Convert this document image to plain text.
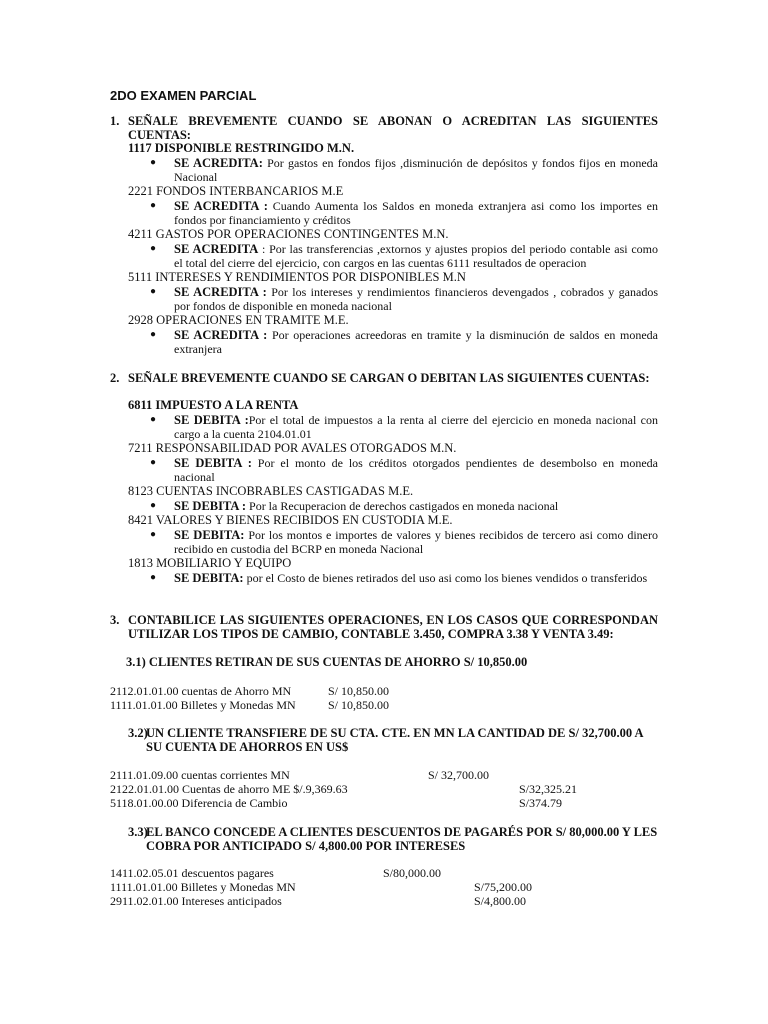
2DO EXAMEN PARCIAL
1. SEÑALE BREVEMENTE CUANDO SE ABONAN O ACREDITAN LAS SIGUIENTES CUENTAS:
1117 DISPONIBLE RESTRINGIDO M.N.
● SE ACREDITA: Por gastos en fondos fijos ,disminución de depósitos y fondos fijos en moneda Nacional
2221 FONDOS INTERBANCARIOS M.E
● SE ACREDITA : Cuando Aumenta los Saldos en moneda extranjera asi como los importes en fondos por financiamiento y créditos
4211 GASTOS POR OPERACIONES CONTINGENTES M.N.
● SE ACREDITA : Por las transferencias ,extornos y ajustes propios del periodo contable asi como el total del cierre del ejercicio, con cargos en las cuentas 6111 resultados de operacion
5111 INTERESES Y RENDIMIENTOS POR DISPONIBLES M.N
● SE ACREDITA : Por los intereses y rendimientos financieros devengados , cobrados y ganados por fondos de disponible en moneda nacional
2928 OPERACIONES EN TRAMITE M.E.
● SE ACREDITA : Por operaciones acreedoras en tramite y la disminución de saldos en moneda extranjera
2. SEÑALE BREVEMENTE CUANDO SE CARGAN O DEBITAN LAS SIGUIENTES CUENTAS:
6811 IMPUESTO A LA RENTA
● SE DEBITA :Por el total de impuestos a la renta al cierre del ejercicio en moneda nacional con cargo a la cuenta 2104.01.01
7211 RESPONSABILIDAD POR AVALES OTORGADOS M.N.
● SE DEBITA : Por el monto de los créditos otorgados pendientes de desembolso en moneda nacional
8123 CUENTAS INCOBRABLES CASTIGADAS M.E.
● SE DEBITA : Por la Recuperacion de derechos castigados en moneda nacional
8421 VALORES Y BIENES RECIBIDOS EN CUSTODIA M.E.
● SE DEBITA: Por los montos e importes de valores y bienes recibidos de tercero asi como dinero recibido en custodia del BCRP en moneda Nacional
1813 MOBILIARIO Y EQUIPO
● SE DEBITA: por el Costo de bienes retirados del uso asi como los bienes vendidos o transferidos
3. CONTABILICE LAS SIGUIENTES OPERACIONES, EN LOS CASOS QUE CORRESPONDAN UTILIZAR LOS TIPOS DE CAMBIO, CONTABLE 3.450, COMPRA 3.38 Y VENTA 3.49:
3.1) CLIENTES RETIRAN DE SUS CUENTAS DE AHORRO S/ 10,850.00
2112.01.01.00 cuentas de Ahorro MN	S/ 10,850.00
1111.01.01.00 Billetes y Monedas MN	S/ 10,850.00
3.2)
UN CLIENTE TRANSFIERE DE SU CTA. CTE. EN MN LA CANTIDAD DE S/ 32,700.00 A SU CUENTA DE AHORROS EN US$
2111.01.09.00 cuentas corrientes MN	S/ 32,700.00
2122.01.01.00 Cuentas de ahorro ME $/.9,369.63	S/32,325.21
5118.01.00.00 Diferencia de Cambio	S/374.79
3.3)
EL BANCO CONCEDE A CLIENTES DESCUENTOS DE PAGARÉS POR S/ 80,000.00 Y LES COBRA POR ANTICIPADO S/ 4,800.00 POR INTERESES
1411.02.05.01 descuentos pagares	S/80,000.00
1111.01.01.00 Billetes y Monedas MN	S/75,200.00
2911.02.01.00 Intereses anticipados	S/4,800.00
